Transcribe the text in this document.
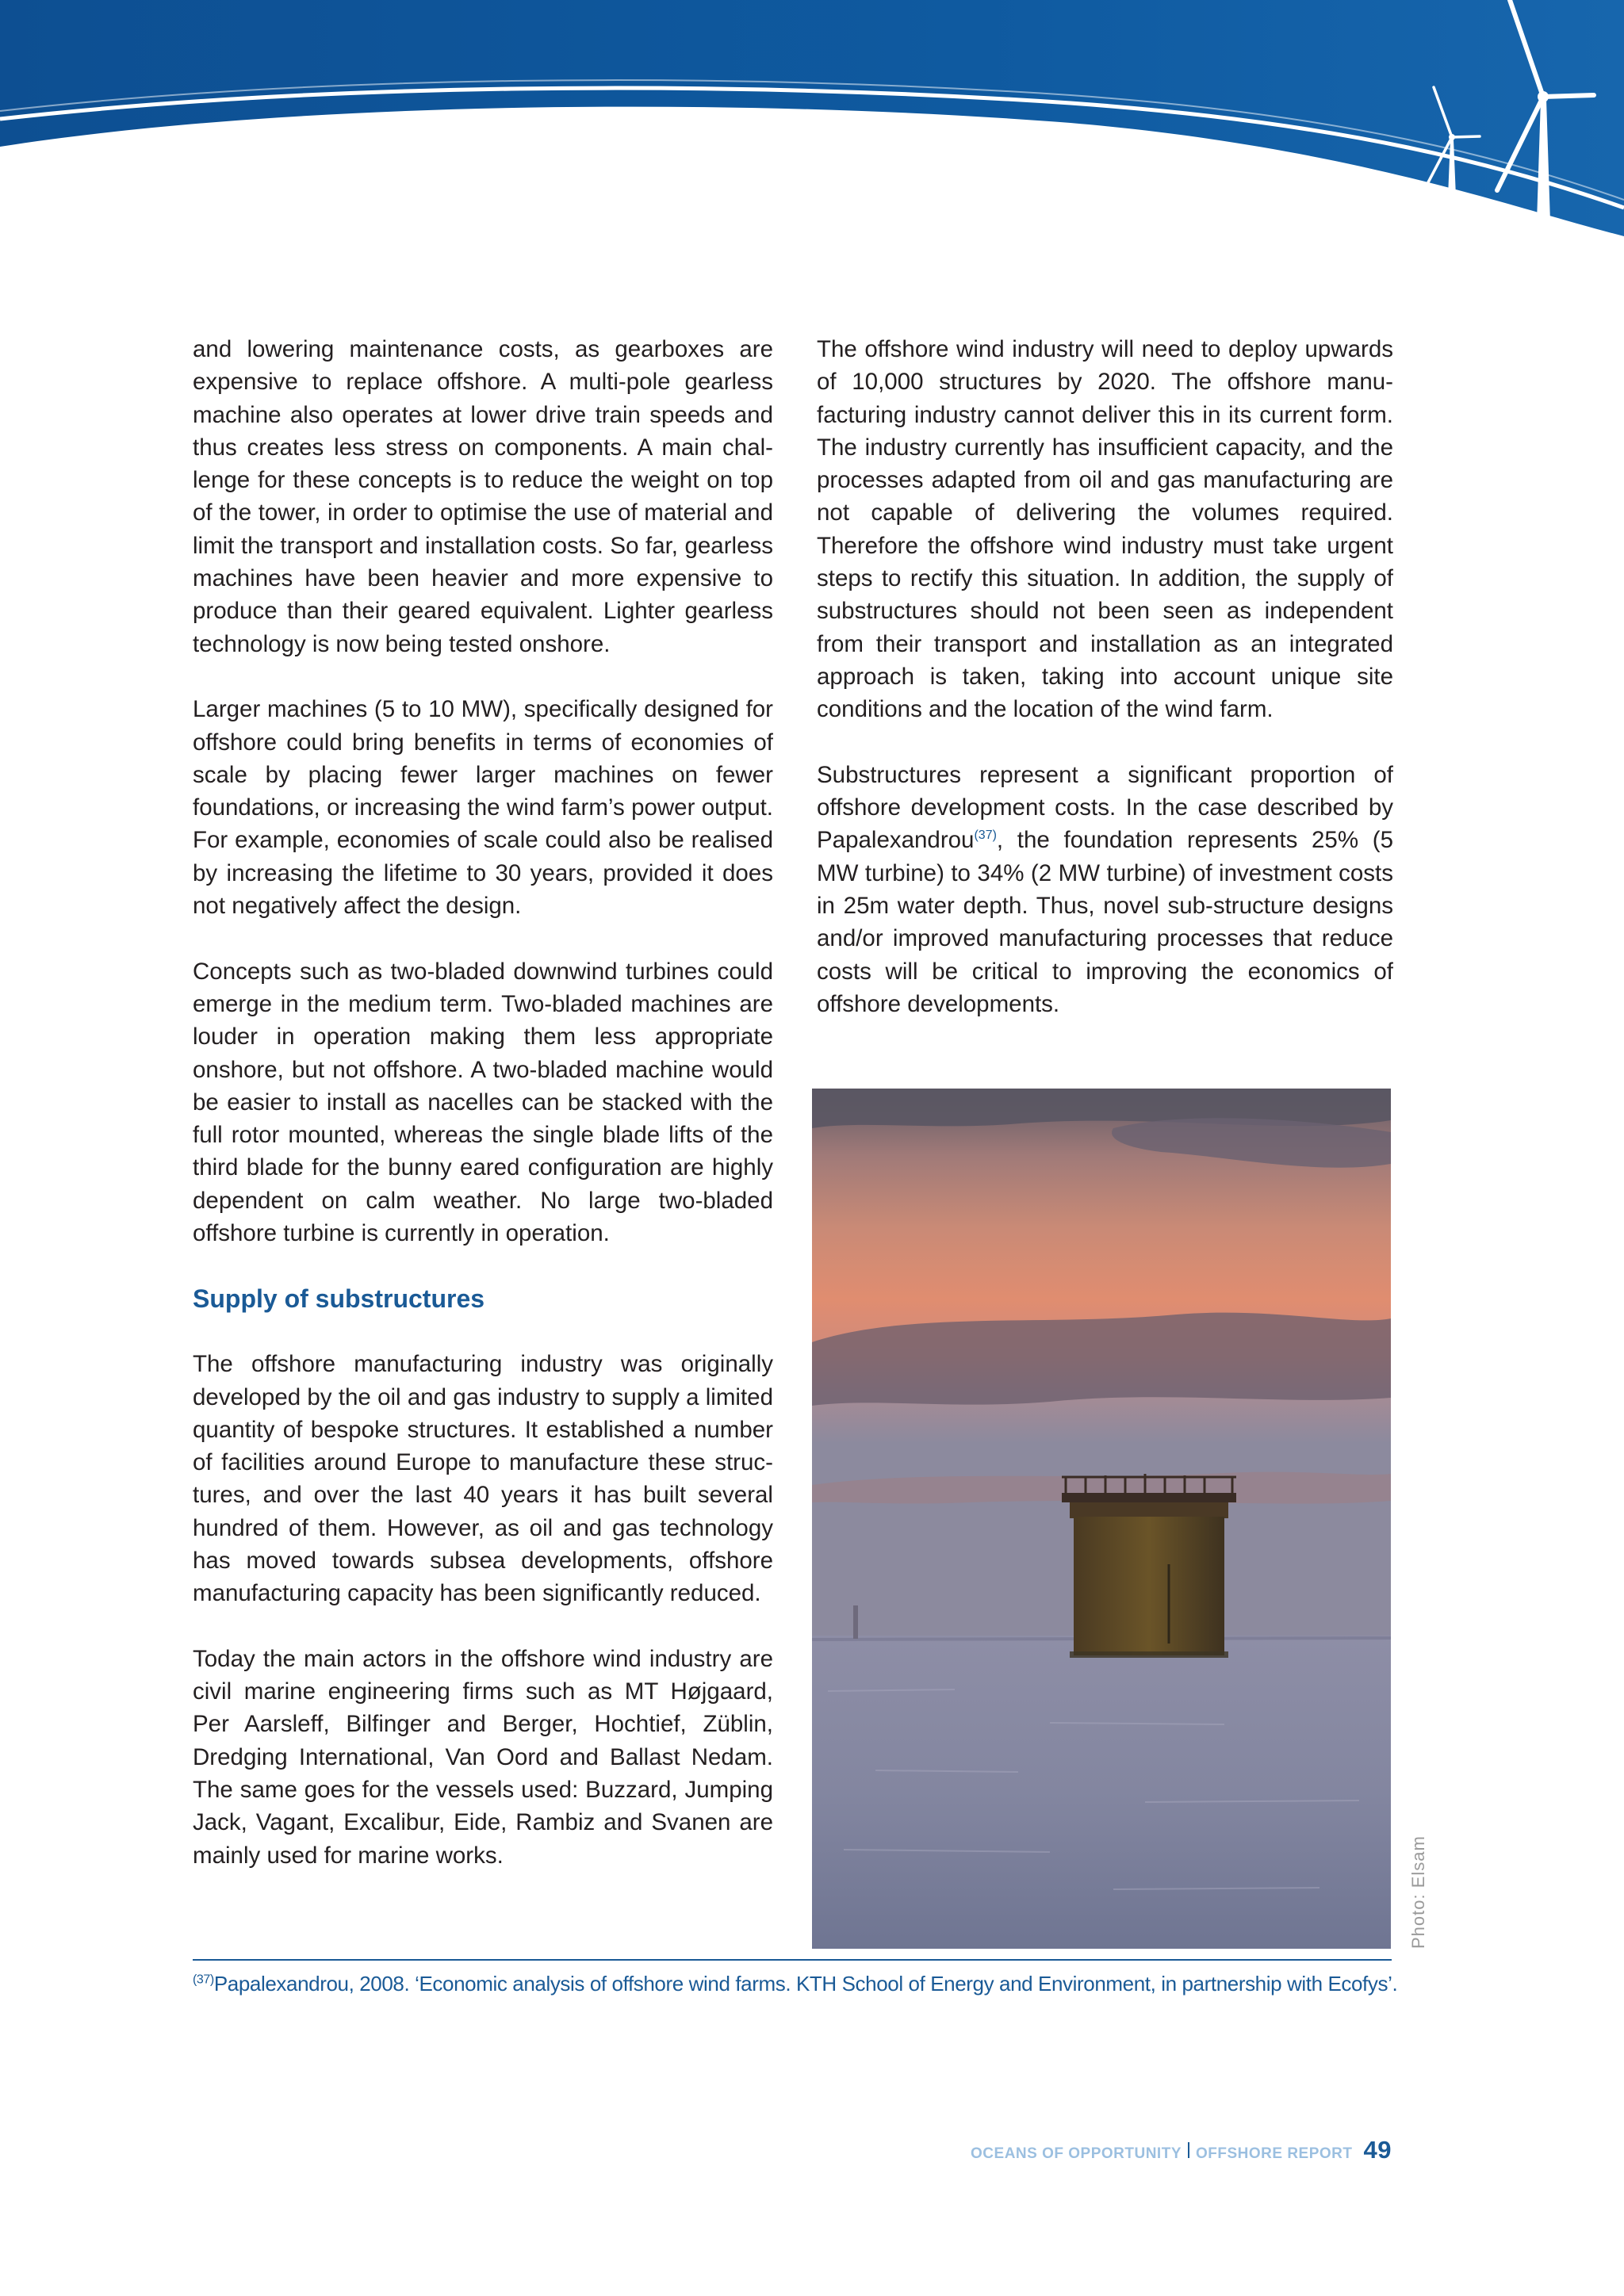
and lowering maintenance costs, as gearboxes are expensive to replace offshore. A multi-pole gearless machine also operates at lower drive train speeds and thus creates less stress on components. A main challenge for these concepts is to reduce the weight on top of the tower, in order to optimise the use of material and limit the transport and installation costs. So far, gearless machines have been heavier and more expensive to produce than their geared equivalent. Lighter gearless technology is now being tested onshore.

Larger machines (5 to 10 MW), specifically designed for offshore could bring benefits in terms of economies of scale by placing fewer larger machines on fewer foundations, or increasing the wind farm’s power output. For example, economies of scale could also be realised by increasing the lifetime to 30 years, provided it does not negatively affect the design.

Concepts such as two-bladed downwind turbines could emerge in the medium term. Two-bladed machines are louder in operation making them less appropriate onshore, but not offshore. A two-bladed machine would be easier to install as nacelles can be stacked with the full rotor mounted, whereas the single blade lifts of the third blade for the bunny eared configuration are highly dependent on calm weather. No large two-bladed offshore turbine is currently in operation.

Supply of substructures

The offshore manufacturing industry was originally developed by the oil and gas industry to supply a limited quantity of bespoke structures. It established a number of facilities around Europe to manufacture these structures, and over the last 40 years it has built several hundred of them. However, as oil and gas technology has moved towards subsea developments, offshore manufacturing capacity has been significantly reduced.

Today the main actors in the offshore wind industry are civil marine engineering firms such as MT Højgaard, Per Aarsleff, Bilfinger and Berger, Hochtief, Züblin, Dredging International, Van Oord and Ballast Nedam. The same goes for the vessels used: Buzzard, Jumping Jack, Vagant, Excalibur, Eide, Rambiz and Svanen are mainly used for marine works.

The offshore wind industry will need to deploy upwards of 10,000 structures by 2020. The offshore manufacturing industry cannot deliver this in its current form. The industry currently has insufficient capacity, and the processes adapted from oil and gas manufacturing are not capable of delivering the volumes required. Therefore the offshore wind industry must take urgent steps to rectify this situation. In addition, the supply of substructures should not been seen as independent from their transport and installation as an integrated approach is taken, taking into account unique site conditions and the location of the wind farm.

Substructures represent a significant proportion of offshore development costs. In the case described by Papalexandrou$^{(37)}$, the foundation represents 25% (5 MW turbine) to 34% (2 MW turbine) of investment costs in 25m water depth. Thus, novel sub-structure designs and/or improved manufacturing processes that reduce costs will be critical to improving the economics of offshore developments.

Photo: Elsam
$^{(37)}$Papalexandrou, 2008. ‘Economic analysis of offshore wind farms. KTH School of Energy and Environment, in partnership with Ecofys’.
OCEANS OF OPPORTUNITY OFFSHORE REPORT 49
